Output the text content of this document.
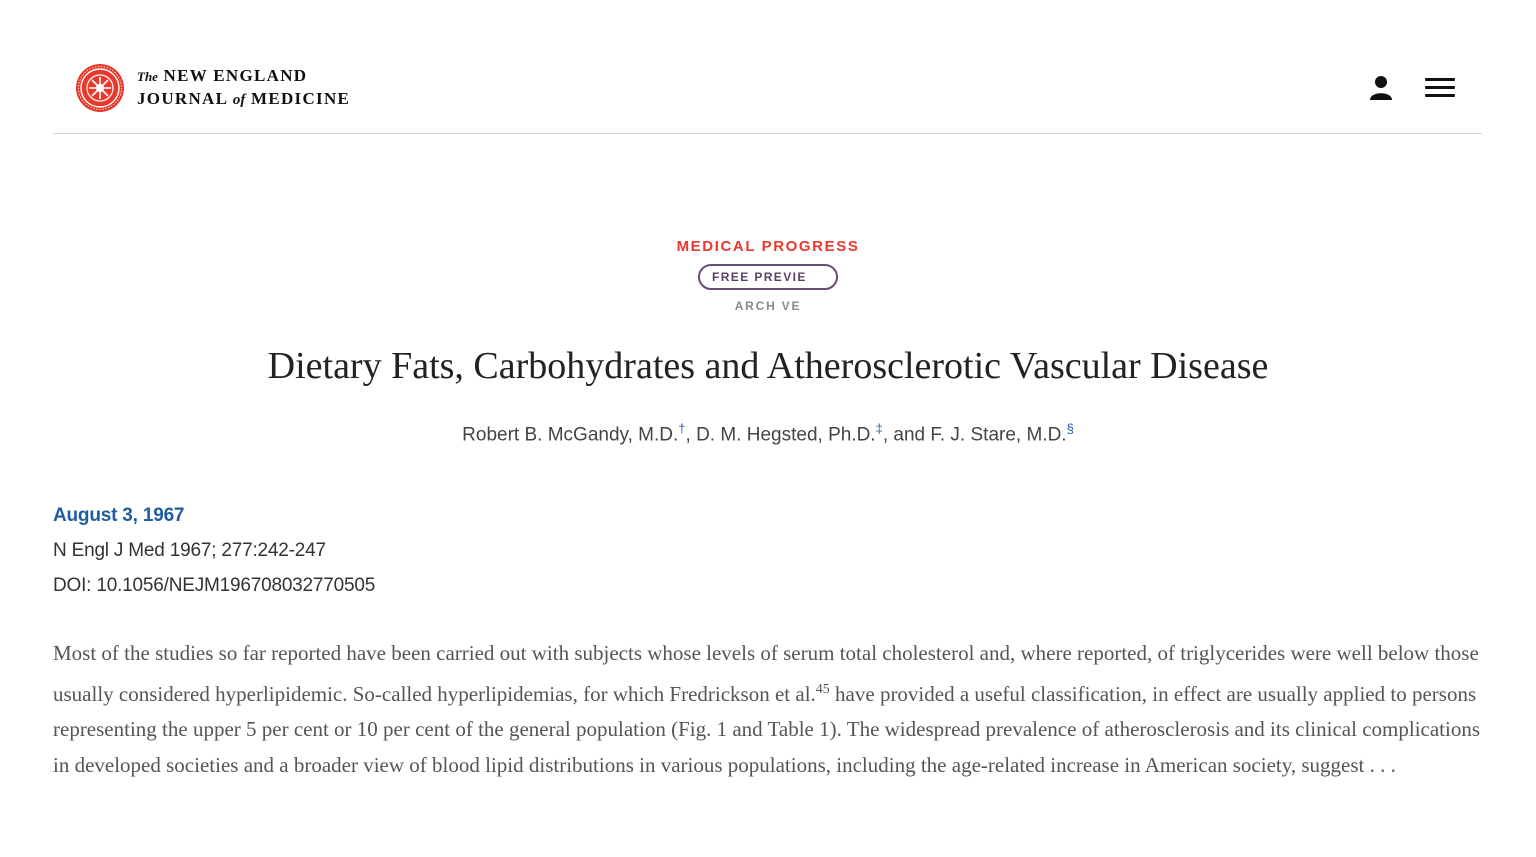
The NEW ENGLAND
JOURNAL of MEDICINE
MEDICAL PROGRESS
FREE PREVIE
ARCH VE
Dietary Fats, Carbohydrates and Atherosclerotic Vascular Disease
Robert B. McGandy, M.D.†, D. M. Hegsted, Ph.D.‡, and F. J. Stare, M.D.§
August 3, 1967
N Engl J Med 1967; 277:242-247
DOI: 10.1056/NEJM196708032770505

Most of the studies so far reported have been carried out with subjects whose levels of serum total cholesterol and, where reported, of triglycerides were well below those usually considered hyperlipidemic. So-called hyperlipidemias, for which Fredrickson et al.$^{45}$ have provided a useful classification, in effect are usually applied to persons representing the upper 5 per cent or 10 per cent of the general population (Fig. 1 and Table 1). The widespread prevalence of atherosclerosis and its clinical complications in developed societies and a broader view of blood lipid distributions in various populations, including the age-related increase in American society, suggest . . .
